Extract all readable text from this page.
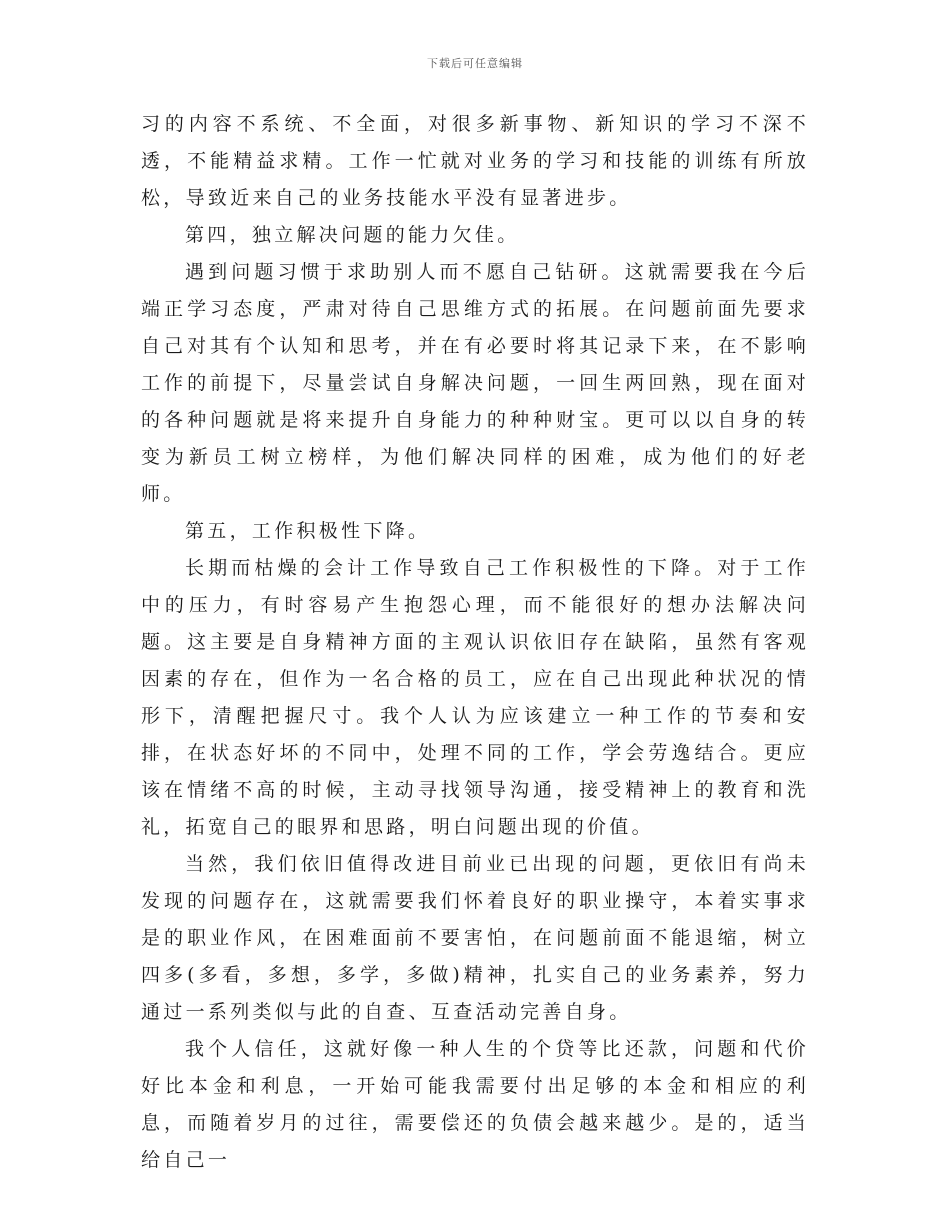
下载后可任意编辑

习的内容不系统、不全面，对很多新事物、新知识的学习不深不透，不能精益求精。工作一忙就对业务的学习和技能的训练有所放松，导致近来自己的业务技能水平没有显著进步。

第四，独立解决问题的能力欠佳。

遇到问题习惯于求助别人而不愿自己钻研。这就需要我在今后端正学习态度，严肃对待自己思维方式的拓展。在问题前面先要求自己对其有个认知和思考，并在有必要时将其记录下来，在不影响工作的前提下，尽量尝试自身解决问题，一回生两回熟，现在面对的各种问题就是将来提升自身能力的种种财宝。更可以以自身的转变为新员工树立榜样，为他们解决同样的困难，成为他们的好老师。

第五，工作积极性下降。

长期而枯燥的会计工作导致自己工作积极性的下降。对于工作中的压力，有时容易产生抱怨心理，而不能很好的想办法解决问题。这主要是自身精神方面的主观认识依旧存在缺陷，虽然有客观因素的存在，但作为一名合格的员工，应在自己出现此种状况的情形下，清醒把握尺寸。我个人认为应该建立一种工作的节奏和安排，在状态好坏的不同中，处理不同的工作，学会劳逸结合。更应该在情绪不高的时候，主动寻找领导沟通，接受精神上的教育和洗礼，拓宽自己的眼界和思路，明白问题出现的价值。

当然，我们依旧值得改进目前业已出现的问题，更依旧有尚未发现的问题存在，这就需要我们怀着良好的职业操守，本着实事求是的职业作风，在困难面前不要害怕，在问题前面不能退缩，树立四多(多看，多想，多学，多做)精神，扎实自己的业务素养，努力通过一系列类似与此的自查、互查活动完善自身。

我个人信任，这就好像一种人生的个贷等比还款，问题和代价好比本金和利息，一开始可能我需要付出足够的本金和相应的利息，而随着岁月的过往，需要偿还的负债会越来越少。是的，适当给自己一
